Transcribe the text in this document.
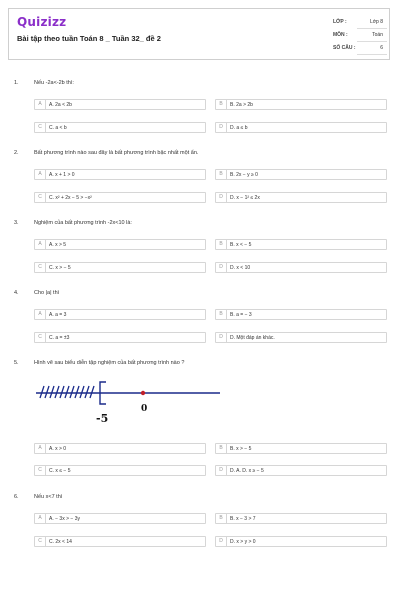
Quizizz
Bài tập theo tuần Toán 8 _ Tuần 32_ đề 2
LỚP :	Lớp 8
MÔN :	Toán
SỐ CÂU :	6
1.	Nếu -2a<-2b thì:
A	A. 2a < 2b	B	B. 2a > 2b
C	C. a < b	D	D. a ≤ b
2.	Bất phương trình nào sau đây là bất phương trình bậc nhất một ẩn.
A	A. x + 1 > 0	B	B. 2x − y ≥ 0
C	C. x² + 2x − 5 > −x²	D	D. x − 1² ≤ 2x
3.	Nghiệm của bất phương trình -2x<10 là:
A	A. x > 5	B	B. x < − 5
C	C. x > − 5	D	D. x < 10
4.	Cho |a| thì
A	A. a = 3	B	B. a = − 3
C	C. a = ±3	D	D. Một đáp án khác.
5.	Hình vẽ sau biểu diễn tập nghiệm của bất phương trình nào ?
A	A. x > 0	B	B. x > − 5
C	C. x ≤ − 5	D	D. A. D. x ≥ − 5
-5
0
6.	Nếu x<7 thì
A	A. − 3x > − 3y	B	B. x − 3 > 7
C	C. 2x < 14	D	D. x > y > 0
